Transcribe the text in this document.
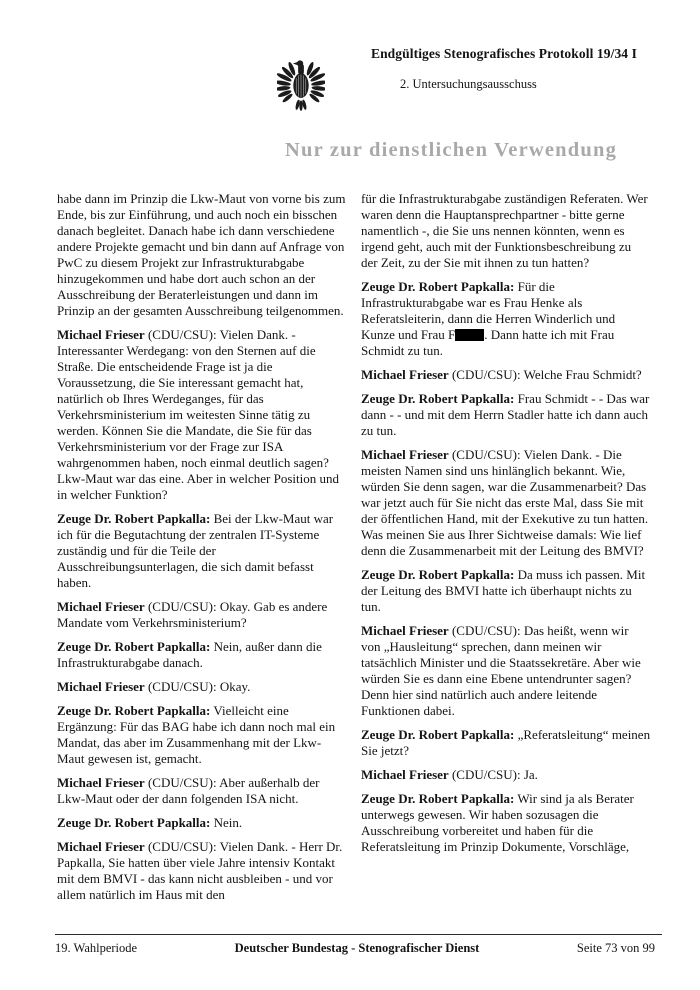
Endgültiges Stenografisches Protokoll 19/34 I
2. Untersuchungsausschuss
Nur zur dienstlichen Verwendung

habe dann im Prinzip die Lkw-Maut von vorne bis zum Ende, bis zur Einführung, und auch noch ein bisschen danach begleitet. Danach habe ich dann verschiedene andere Projekte gemacht und bin dann auf Anfrage von PwC zu diesem Projekt zur Infrastrukturabgabe hinzugekommen und habe dort auch schon an der Ausschreibung der Beraterleistungen und dann im Prinzip an der gesamten Ausschreibung teilgenommen.

Michael Frieser (CDU/CSU): Vielen Dank. - Interessanter Werdegang: von den Sternen auf die Straße. Die entscheidende Frage ist ja die Voraussetzung, die Sie interessant gemacht hat, natürlich ob Ihres Werdeganges, für das Verkehrsministerium im weitesten Sinne tätig zu werden. Können Sie die Mandate, die Sie für das Verkehrsministerium vor der Frage zur ISA wahrgenommen haben, noch einmal deutlich sagen? Lkw-Maut war das eine. Aber in welcher Position und in welcher Funktion?

Zeuge Dr. Robert Papkalla: Bei der Lkw-Maut war ich für die Begutachtung der zentralen IT-Systeme zuständig und für die Teile der Ausschreibungsunterlagen, die sich damit befasst haben.

Michael Frieser (CDU/CSU): Okay. Gab es andere Mandate vom Verkehrsministerium?

Zeuge Dr. Robert Papkalla: Nein, außer dann die Infrastrukturabgabe danach.

Michael Frieser (CDU/CSU): Okay.

Zeuge Dr. Robert Papkalla: Vielleicht eine Ergänzung: Für das BAG habe ich dann noch mal ein Mandat, das aber im Zusammenhang mit der Lkw-Maut gewesen ist, gemacht.

Michael Frieser (CDU/CSU): Aber außerhalb der Lkw-Maut oder der dann folgenden ISA nicht.

Zeuge Dr. Robert Papkalla: Nein.

Michael Frieser (CDU/CSU): Vielen Dank. - Herr Dr. Papkalla, Sie hatten über viele Jahre intensiv Kontakt mit dem BMVI - das kann nicht ausbleiben - und vor allem natürlich im Haus mit den

für die Infrastrukturabgabe zuständigen Referaten. Wer waren denn die Hauptansprechpartner - bitte gerne namentlich -, die Sie uns nennen könnten, wenn es irgend geht, auch mit der Funktionsbeschreibung zu der Zeit, zu der Sie mit ihnen zu tun hatten?

Zeuge Dr. Robert Papkalla: Für die Infrastrukturabgabe war es Frau Henke als Referatsleiterin, dann die Herren Winderlich und Kunze und Frau F . Dann hatte ich mit Frau Schmidt zu tun.

Michael Frieser (CDU/CSU): Welche Frau Schmidt?

Zeuge Dr. Robert Papkalla: Frau Schmidt - - Das war dann - - und mit dem Herrn Stadler hatte ich dann auch zu tun.

Michael Frieser (CDU/CSU): Vielen Dank. - Die meisten Namen sind uns hinlänglich bekannt. Wie, würden Sie denn sagen, war die Zusammenarbeit? Das war jetzt auch für Sie nicht das erste Mal, dass Sie mit der öffentlichen Hand, mit der Exekutive zu tun hatten. Was meinen Sie aus Ihrer Sichtweise damals: Wie lief denn die Zusammenarbeit mit der Leitung des BMVI?

Zeuge Dr. Robert Papkalla: Da muss ich passen. Mit der Leitung des BMVI hatte ich überhaupt nichts zu tun.

Michael Frieser (CDU/CSU): Das heißt, wenn wir von „Hausleitung“ sprechen, dann meinen wir tatsächlich Minister und die Staatssekretäre. Aber wie würden Sie es dann eine Ebene untendrunter sagen? Denn hier sind natürlich auch andere leitende Funktionen dabei.

Zeuge Dr. Robert Papkalla: „Referatsleitung“ meinen Sie jetzt?

Michael Frieser (CDU/CSU): Ja.

Zeuge Dr. Robert Papkalla: Wir sind ja als Berater unterwegs gewesen. Wir haben sozusagen die Ausschreibung vorbereitet und haben für die Referatsleitung im Prinzip Dokumente, Vorschläge,

19. Wahlperiode	Deutscher Bundestag - Stenografischer Dienst	Seite 73 von 99
